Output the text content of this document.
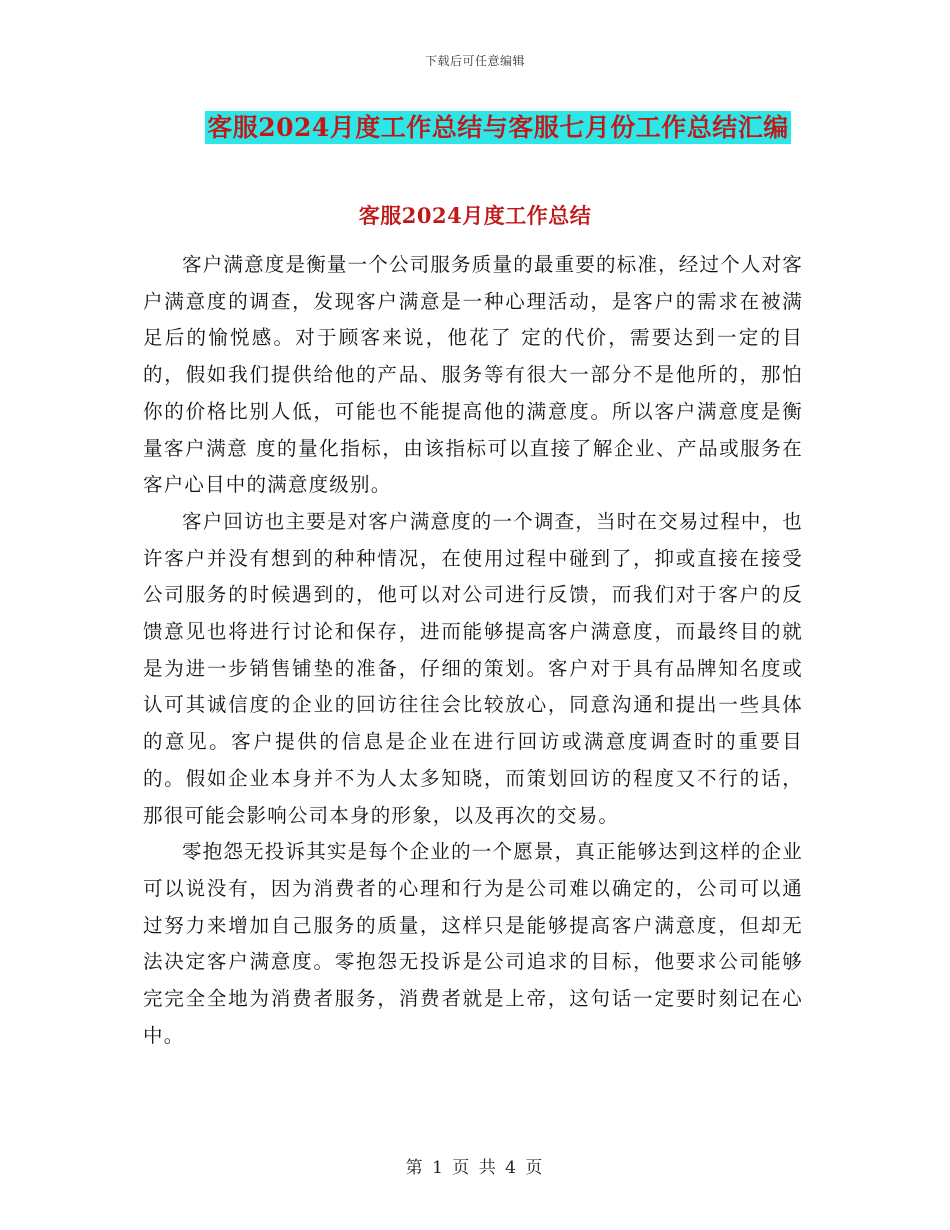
下载后可任意编辑
客服2024月度工作总结与客服七月份工作总结汇编
客服2024月度工作总结

客户满意度是衡量一个公司服务质量的最重要的标准，经过个人对客户满意度的调查，发现客户满意是一种心理活动，是客户的需求在被满足后的愉悦感。对于顾客来说，他花了 定的代价，需要达到一定的目的，假如我们提供给他的产品、服务等有很大一部分不是他所的，那怕你的价格比别人低，可能也不能提高他的满意度。所以客户满意度是衡量客户满意 度的量化指标，由该指标可以直接了解企业、产品或服务在客户心目中的满意度级别。

客户回访也主要是对客户满意度的一个调查，当时在交易过程中，也许客户并没有想到的种种情况，在使用过程中碰到了，抑或直接在接受公司服务的时候遇到的，他可以对公司进行反馈，而我们对于客户的反馈意见也将进行讨论和保存，进而能够提高客户满意度，而最终目的就是为进一步销售铺垫的准备，仔细的策划。客户对于具有品牌知名度或认可其诚信度的企业的回访往往会比较放心，同意沟通和提出一些具体的意见。客户提供的信息是企业在进行回访或满意度调查时的重要目的。假如企业本身并不为人太多知晓，而策划回访的程度又不行的话，那很可能会影响公司本身的形象，以及再次的交易。

零抱怨无投诉其实是每个企业的一个愿景，真正能够达到这样的企业可以说没有，因为消费者的心理和行为是公司难以确定的，公司可以通过努力来增加自己服务的质量，这样只是能够提高客户满意度，但却无法决定客户满意度。零抱怨无投诉是公司追求的目标，他要求公司能够完完全全地为消费者服务，消费者就是上帝，这句话一定要时刻记在心中。

第 1 页 共 4 页
